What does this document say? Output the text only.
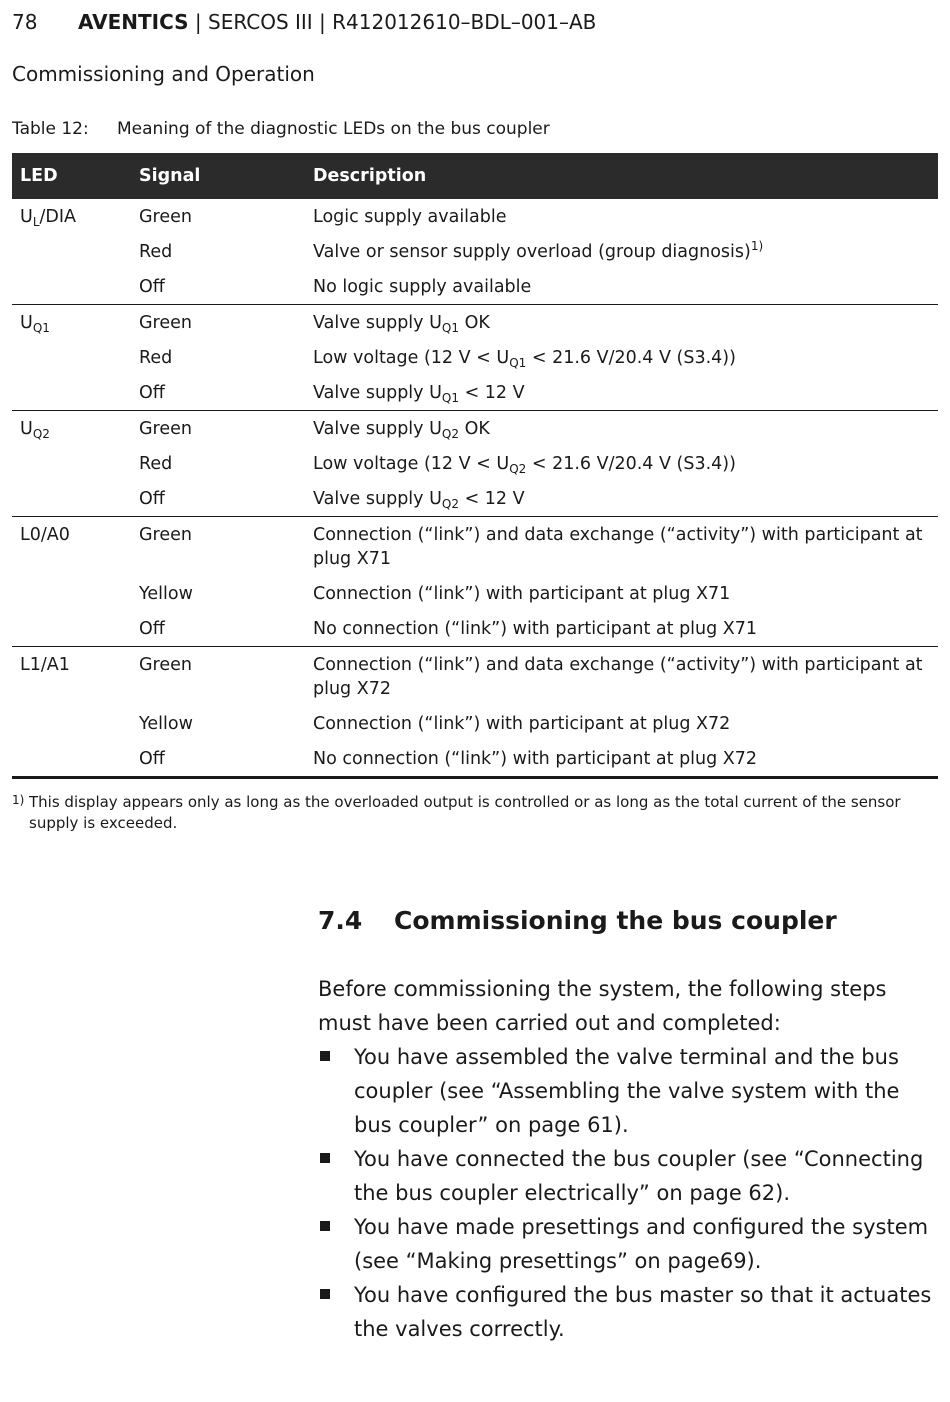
78 AVENTICS | SERCOS III | R412012610–BDL–001–AB
Commissioning and Operation
Table 12: Meaning of the diagnostic LEDs on the bus coupler
LED	Signal	Description
$U_L$/DIA	Green	Logic supply available
	Red	Valve or sensor supply overload (group diagnosis)$^{1)}$
	Off	No logic supply available
$U_{Q1}$	Green	Valve supply $U_{Q1}$ OK
	Red	Low voltage (12 $V < U_{Q1} < 21.6$ V/20.4 V (S3.4))
	Off	Valve supply $U_{Q1} < 12$ V
$U_{Q2}$	Green	Valve supply $U_{Q2}$ OK
	Red	Low voltage (12 $V < U_{Q2} < 21.6$ V/20.4 V (S3.4))
	Off	Valve supply $U_{Q2} < 12$ V
L0/A0	Green	Connection (“link”) and data exchange (“activity”) with participant at plug X71
	Yellow	Connection (“link”) with participant at plug X71
	Off	No connection (“link”) with participant at plug X71
L1/A1	Green	Connection (“link”) and data exchange (“activity”) with participant at plug X72
	Yellow	Connection (“link”) with participant at plug X72
	Off	No connection (“link”) with participant at plug X72
1) This display appears only as long as the overloaded output is controlled or as long as the total current of the sensor supply is exceeded.
7.4 Commissioning the bus coupler
Before commissioning the system, the following steps must have been carried out and completed:
You have assembled the valve terminal and the bus coupler (see “Assembling the valve system with the bus coupler” on page 61).
You have connected the bus coupler (see “Connecting the bus coupler electrically” on page 62).
You have made presettings and configured the system (see “Making presettings” on page69).
You have configured the bus master so that it actuates the valves correctly.
